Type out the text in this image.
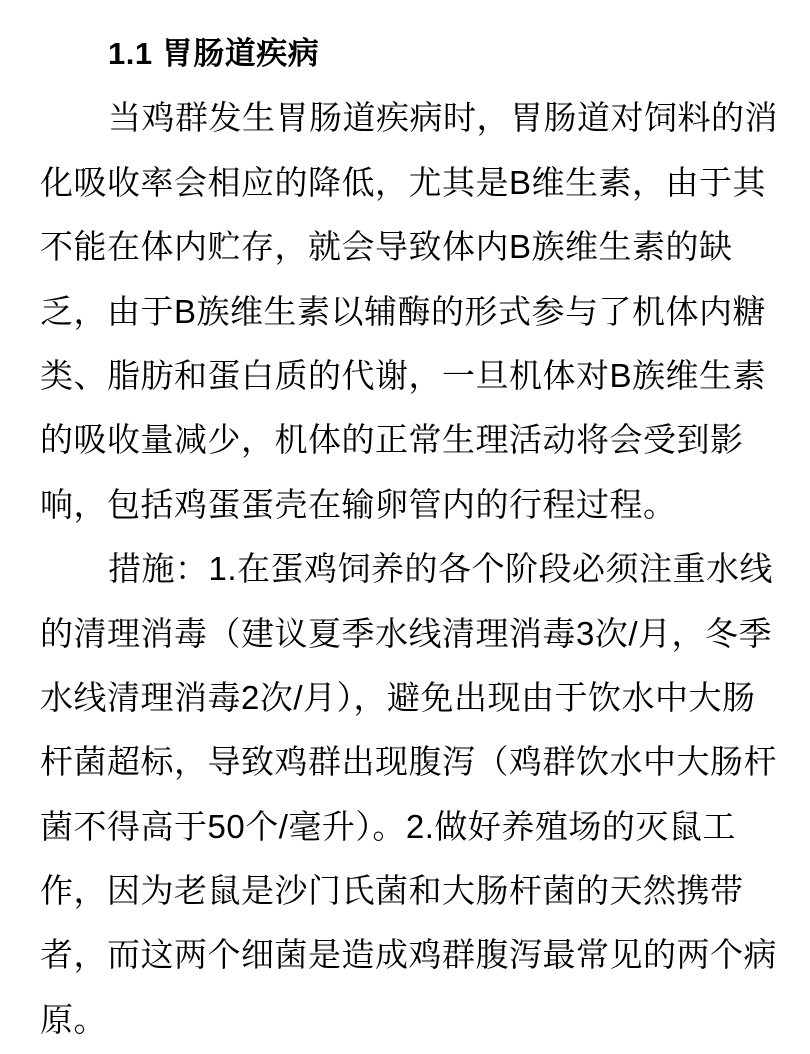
1.1 胃肠道疾病
当鸡群发生胃肠道疾病时，胃肠道对饲料的消
化吸收率会相应的降低，尤其是B维生素，由于其
不能在体内贮存，就会导致体内B族维生素的缺
乏，由于B族维生素以辅酶的形式参与了机体内糖
类、脂肪和蛋白质的代谢，一旦机体对B族维生素
的吸收量减少，机体的正常生理活动将会受到影
响，包括鸡蛋蛋壳在输卵管内的行程过程。
措施：1.在蛋鸡饲养的各个阶段必须注重水线
的清理消毒（建议夏季水线清理消毒3次/月，冬季
水线清理消毒2次/月），避免出现由于饮水中大肠
杆菌超标，导致鸡群出现腹泻（鸡群饮水中大肠杆
菌不得高于50个/毫升）。2.做好养殖场的灭鼠工
作，因为老鼠是沙门氏菌和大肠杆菌的天然携带
者，而这两个细菌是造成鸡群腹泻最常见的两个病
原。
